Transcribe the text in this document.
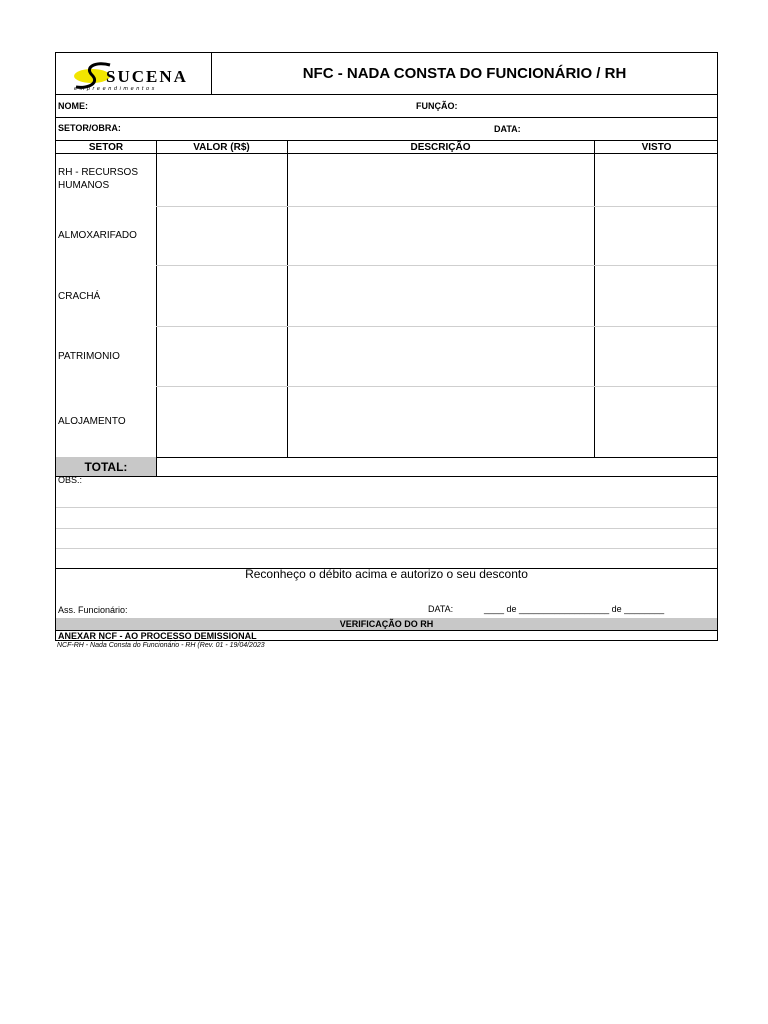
SUCENA
empreendimentos
NFC - NADA CONSTA DO FUNCIONÁRIO / RH
NOME:	FUNÇÃO:
SETOR/OBRA:	DATA:
SETOR	VALOR (R$)	DESCRIÇÃO	VISTO
RH - RECURSOS HUMANOS
ALMOXARIFADO
CRACHÁ
PATRIMONIO
ALOJAMENTO
TOTAL:
OBS.:
Reconheço o débito acima e autorizo o seu desconto
Ass. Funcionário:	DATA:	____ de __________________ de ________
VERIFICAÇÃO DO RH
ANEXAR NCF - AO PROCESSO DEMISSIONAL
NCF-RH - Nada Consta do Funcionário - RH (Rev. 01 - 19/04/2023
